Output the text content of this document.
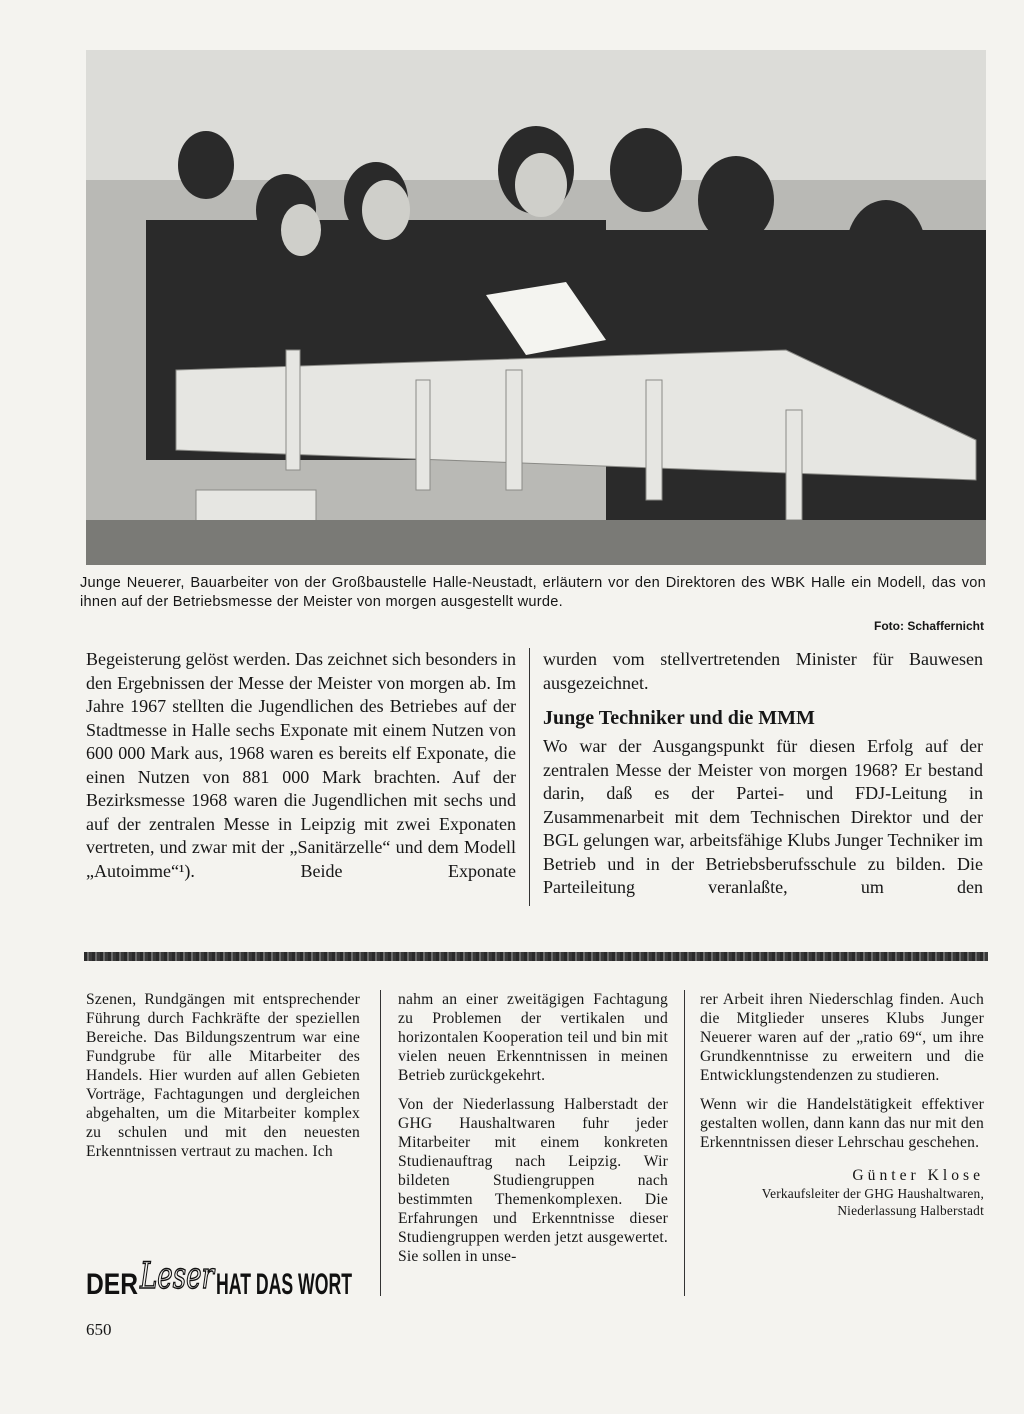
Junge Neuerer, Bauarbeiter von der Großbaustelle Halle-Neustadt, erläutern vor den Direktoren des WBK Halle ein Modell, das von ihnen auf der Betriebsmesse der Meister von morgen ausgestellt wurde.
Foto: Schaffernicht
Begeisterung gelöst werden. Das zeichnet sich besonders in den Ergebnissen der Messe der Meister von morgen ab. Im Jahre 1967 stellten die Jugendlichen des Betriebes auf der Stadtmesse in Halle sechs Exponate mit einem Nutzen von 600 000 Mark aus, 1968 waren es bereits elf Exponate, die einen Nutzen von 881 000 Mark brachten. Auf der Bezirksmesse 1968 waren die Jugendlichen mit sechs und auf der zentralen Messe in Leipzig mit zwei Exponaten vertreten, und zwar mit der „Sanitärzelle“ und dem Modell „Autoimme“¹). Beide Exponate

wurden vom stellvertretenden Minister für Bauwesen ausgezeichnet.

Junge Techniker und die MMM

Wo war der Ausgangspunkt für diesen Erfolg auf der zentralen Messe der Meister von morgen 1968? Er bestand darin, daß es der Partei- und FDJ-Leitung in Zusammenarbeit mit dem Technischen Direktor und der BGL gelungen war, arbeitsfähige Klubs Junger Techniker im Betrieb und in der Betriebsberufsschule zu bilden. Die Parteileitung veranlaßte, um den

Szenen, Rundgängen mit entsprechender Führung durch Fachkräfte der speziellen Bereiche. Das Bildungszentrum war eine Fundgrube für alle Mitarbeiter des Handels. Hier wurden auf allen Gebieten Vorträge, Fachtagungen und dergleichen abgehalten, um die Mitarbeiter komplex zu schulen und mit den neuesten Erkenntnissen vertraut zu machen. Ich

nahm an einer zweitägigen Fachtagung zu Problemen der vertikalen und horizontalen Kooperation teil und bin mit vielen neuen Erkenntnissen in meinen Betrieb zurückgekehrt.

Von der Niederlassung Halberstadt der GHG Haushaltwaren fuhr jeder Mitarbeiter mit einem konkreten Studienauftrag nach Leipzig. Wir bildeten Studiengruppen nach bestimmten Themenkomplexen. Die Erfahrungen und Erkenntnisse dieser Studiengruppen werden jetzt ausgewertet. Sie sollen in unse-

rer Arbeit ihren Niederschlag finden. Auch die Mitglieder unseres Klubs Junger Neuerer waren auf der „ratio 69“, um ihre Grundkenntnisse zu erweitern und die Entwicklungstendenzen zu studieren.

Wenn wir die Handelstätigkeit effektiver gestalten wollen, dann kann das nur mit den Erkenntnissen dieser Lehrschau geschehen.

Günter Klose
Verkaufsleiter der GHG Haushaltwaren, Niederlassung Halberstadt
DER Leser HAT DAS WORT
650
